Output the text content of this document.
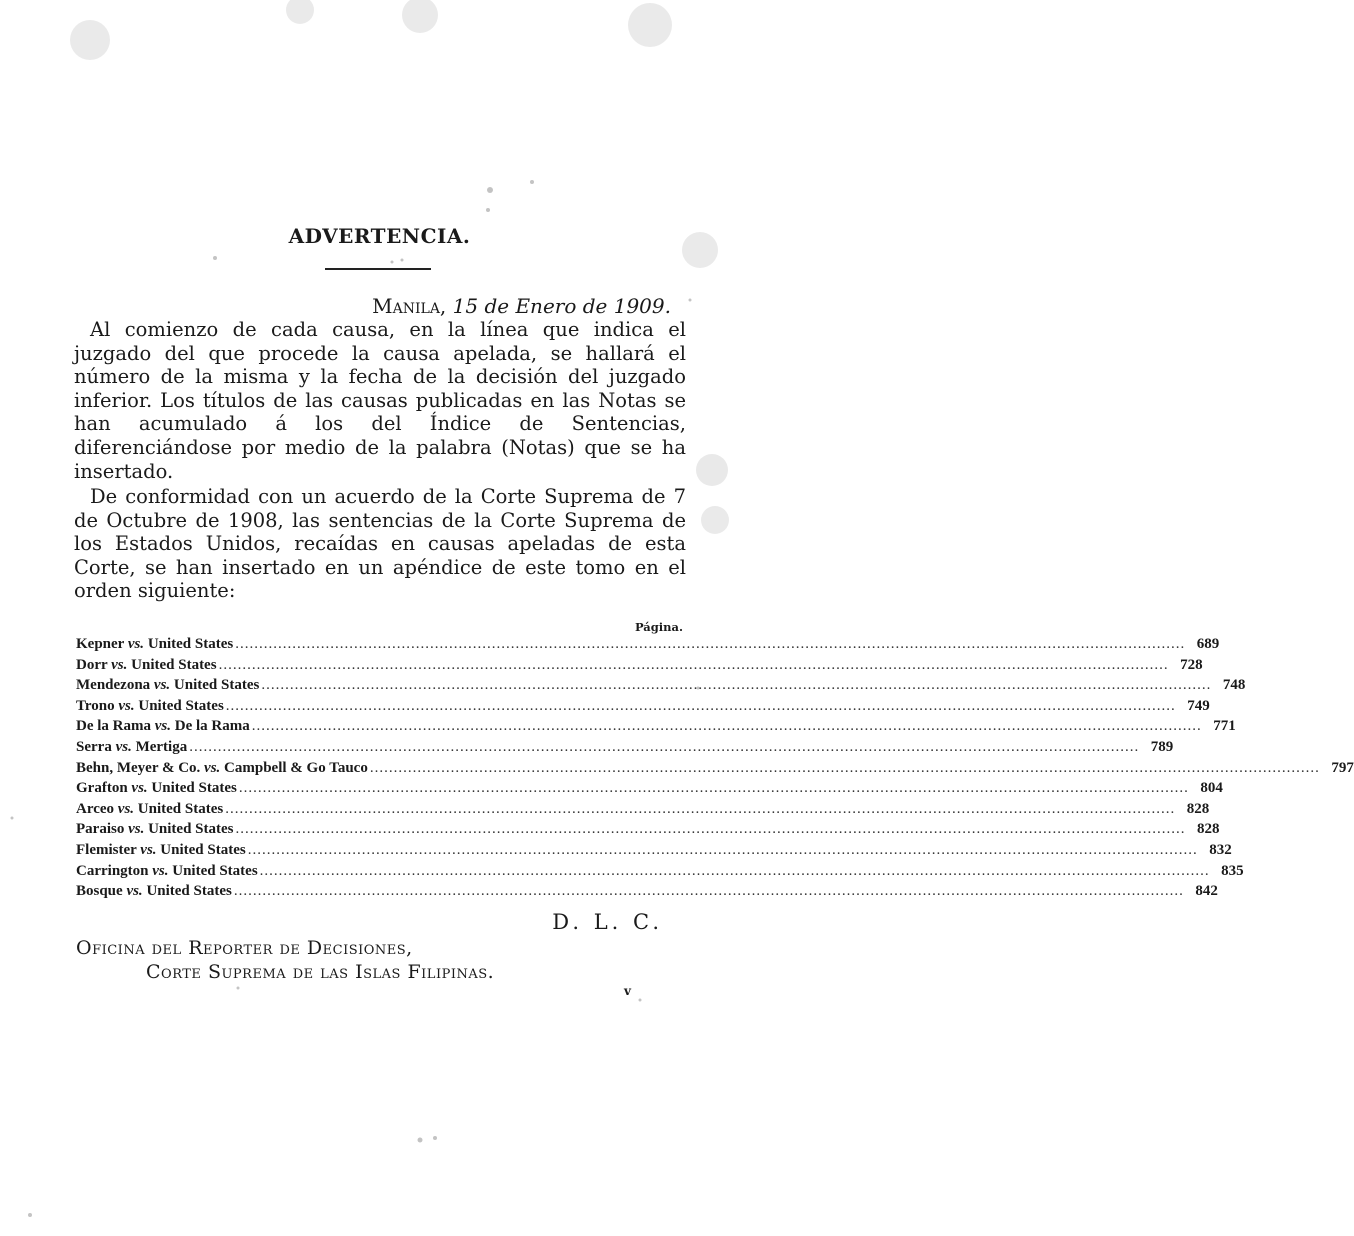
ADVERTENCIA.
Manila, 15 de Enero de 1909.
Al comienzo de cada causa, en la línea que indica el juzgado del que procede la causa apelada, se hallará el número de la misma y la fecha de la decisión del juzgado inferior. Los títulos de las causas publicadas en las Notas se han acumulado á los del Índice de Sentencias, diferenciándose por medio de la palabra (Notas) que se ha insertado.
De conformidad con un acuerdo de la Corte Suprema de 7 de Octubre de 1908, las sentencias de la Corte Suprema de los Estados Unidos, recaídas en causas apeladas de esta Corte, se han insertado en un apéndice de este tomo en el orden siguiente:
Página.
Kepner vs. United States ........................................................................................................................................................................................................ 689
Dorr vs. United States ........................................................................................................................................................................................................ 728
Mendezona vs. United States ........................................................................................................................................................................................................ 748
Trono vs. United States ........................................................................................................................................................................................................ 749
De la Rama vs. De la Rama ........................................................................................................................................................................................................ 771
Serra vs. Mertiga ........................................................................................................................................................................................................ 789
Behn, Meyer & Co. vs. Campbell & Go Tauco ........................................................................................................................................................................................................ 797
Grafton vs. United States ........................................................................................................................................................................................................ 804
Arceo vs. United States ........................................................................................................................................................................................................ 828
Paraiso vs. United States ........................................................................................................................................................................................................ 828
Flemister vs. United States ........................................................................................................................................................................................................ 832
Carrington vs. United States ........................................................................................................................................................................................................ 835
Bosque vs. United States ........................................................................................................................................................................................................ 842
D. L. C.
Oficina del Reporter de Decisiones,
Corte Suprema de las Islas Filipinas.
v
